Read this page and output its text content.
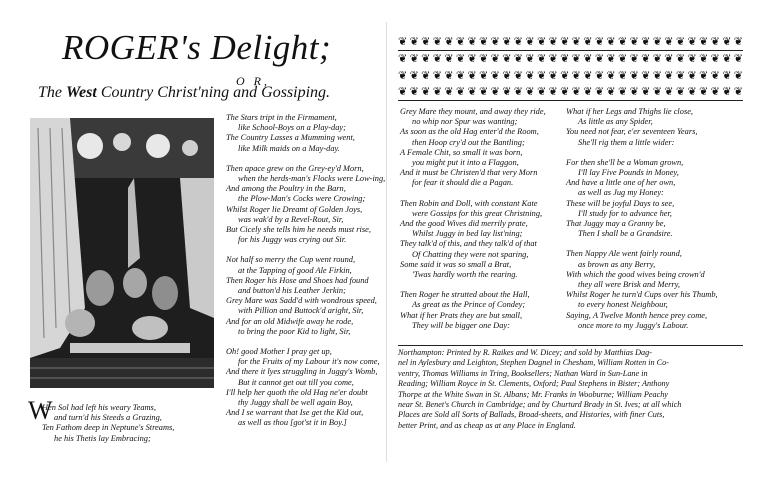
ROGER's Delight;
O R,
The West Country Christ'ning and Gossiping.
W
Hen Sol had left his weary Teams,
and turn'd his Steeds a Grazing,
Ten Fathom deep in Neptune's Streams,
he his Thetis lay Embracing;
The Stars tript in the Firmament,
like School-Boys on a Play-day;
The Country Lasses a Mumming went,
like Milk maids on a May-day.
Then apace grew on the Grey-ey'd Morn,
when the herds-man's Flocks were Low-ing,
And among the Poultry in the Barn,
the Plow-Man's Cocks were Crowing;
Whilst Roger lie Dreamt of Golden Joys,
was wak'd by a Revel-Rout, Sir,
But Cicely she tells him he needs must rise,
for his Juggy was crying out Sir.
Not half so merry the Cup went round,
at the Tapping of good Ale Firkin,
Then Roger his Hose and Shoes had found
and button'd his Leather Jerkin;
Grey Mare was Sadd'd with wondrous speed,
with Pillion and Buttock'd aright, Sir,
And for an old Midwife away he rode,
to bring the poor Kid to light, Sir,
Oh! good Mother I pray get up,
for the Fruits of my Labour it's now come,
And there it lyes struggling in Juggy's Womb,
But it cannot get out till you come,
I'll help her quoth the old Hag ne'er doubt
thy Juggy shall be well again Boy,
And I se warrant that Ise get the Kid out,
as well as thou [got'st it in Boy.]
Grey Mare they mount, and away they ride,
no whip nor Spur was wanting;
As soon as the old Hag enter'd the Room,
then Hoop cry'd out the Bantling;
A Female Chit, so small it was born,
you might put it into a Flaggon,
And it must be Christen'd that very Morn
for fear it should die a Pagan.
Then Robin and Doll, with constant Kate
were Gossips for this great Christning,
And the good Wives did merrily prate,
Whilst Juggy in bed lay list'ning;
They talk'd of this, and they talk'd of that
Of Chatting they were not sparing,
Some said it was so small a Brat,
'Twas hardly worth the rearing.
Then Roger he strutted about the Hall,
As great as the Prince of Condey;
What if her Prats they are but small,
They will be bigger one Day:
What if her Legs and Thighs lie close,
As little as any Spider,
You need not fear, e'er seventeen Years,
She'll rig them a little wider:
For then she'll be a Woman grown,
I'll lay Five Pounds in Money,
And have a little one of her own,
as well as Jug my Honey:
These will be joyful Days to see,
I'll study for to advance her,
That Juggy may a Granny be,
Then I shall be a Grandsire.
Then Nappy Ale went fairly round,
as brown as any Berry,
With which the good wives being crown'd
they all were Brisk and Merry,
Whilst Roger he turn'd Cups over his Thumb,
to every honest Neighbour,
Saying, A Twelve Month hence prey come,
once more to my Juggy's Labour.
❦ ❦ ❦ ❦ ❦ ❦ ❦ ❦ ❦ ❦ ❦ ❦ ❦ ❦ ❦ ❦ ❦ ❦ ❦ ❦ ❦ ❦ ❦ ❦ ❦ ❦ ❦ ❦ ❦ ❦
❦ ❦ ❦ ❦ ❦ ❦ ❦ ❦ ❦ ❦ ❦ ❦ ❦ ❦ ❦ ❦ ❦ ❦ ❦ ❦ ❦ ❦ ❦ ❦ ❦ ❦ ❦ ❦ ❦ ❦
❦ ❦ ❦ ❦ ❦ ❦ ❦ ❦ ❦ ❦ ❦ ❦ ❦ ❦ ❦ ❦ ❦ ❦ ❦ ❦ ❦ ❦ ❦ ❦ ❦ ❦ ❦ ❦ ❦ ❦
❦ ❦ ❦ ❦ ❦ ❦ ❦ ❦ ❦ ❦ ❦ ❦ ❦ ❦ ❦ ❦ ❦ ❦ ❦ ❦ ❦ ❦ ❦ ❦ ❦ ❦ ❦ ❦ ❦ ❦
Northampton: Printed by R. Raikes and W. Dicey; and sold by Matthias Dag-
nel in Aylesbury and Leighton, Stephen Dagnel in Chesham, William Rotten in Co-
ventry, Thomas Williams in Tring, Booksellers; Nathan Ward in Sun-Lane in
Reading; William Royce in St. Clements, Oxford; Paul Stephens in Bister; Anthony
Thorpe at the White Swan in St. Albans; Mr. Franks in Wooburne; William Peachy
near St. Benet's Church in Cambridge; and by Churturd Brady in St. Ives; at all which
Places are Sold all Sorts of Ballads, Broad-sheets, and Histories, with finer Cuts,
better Print, and as cheap as at any Place in England.
